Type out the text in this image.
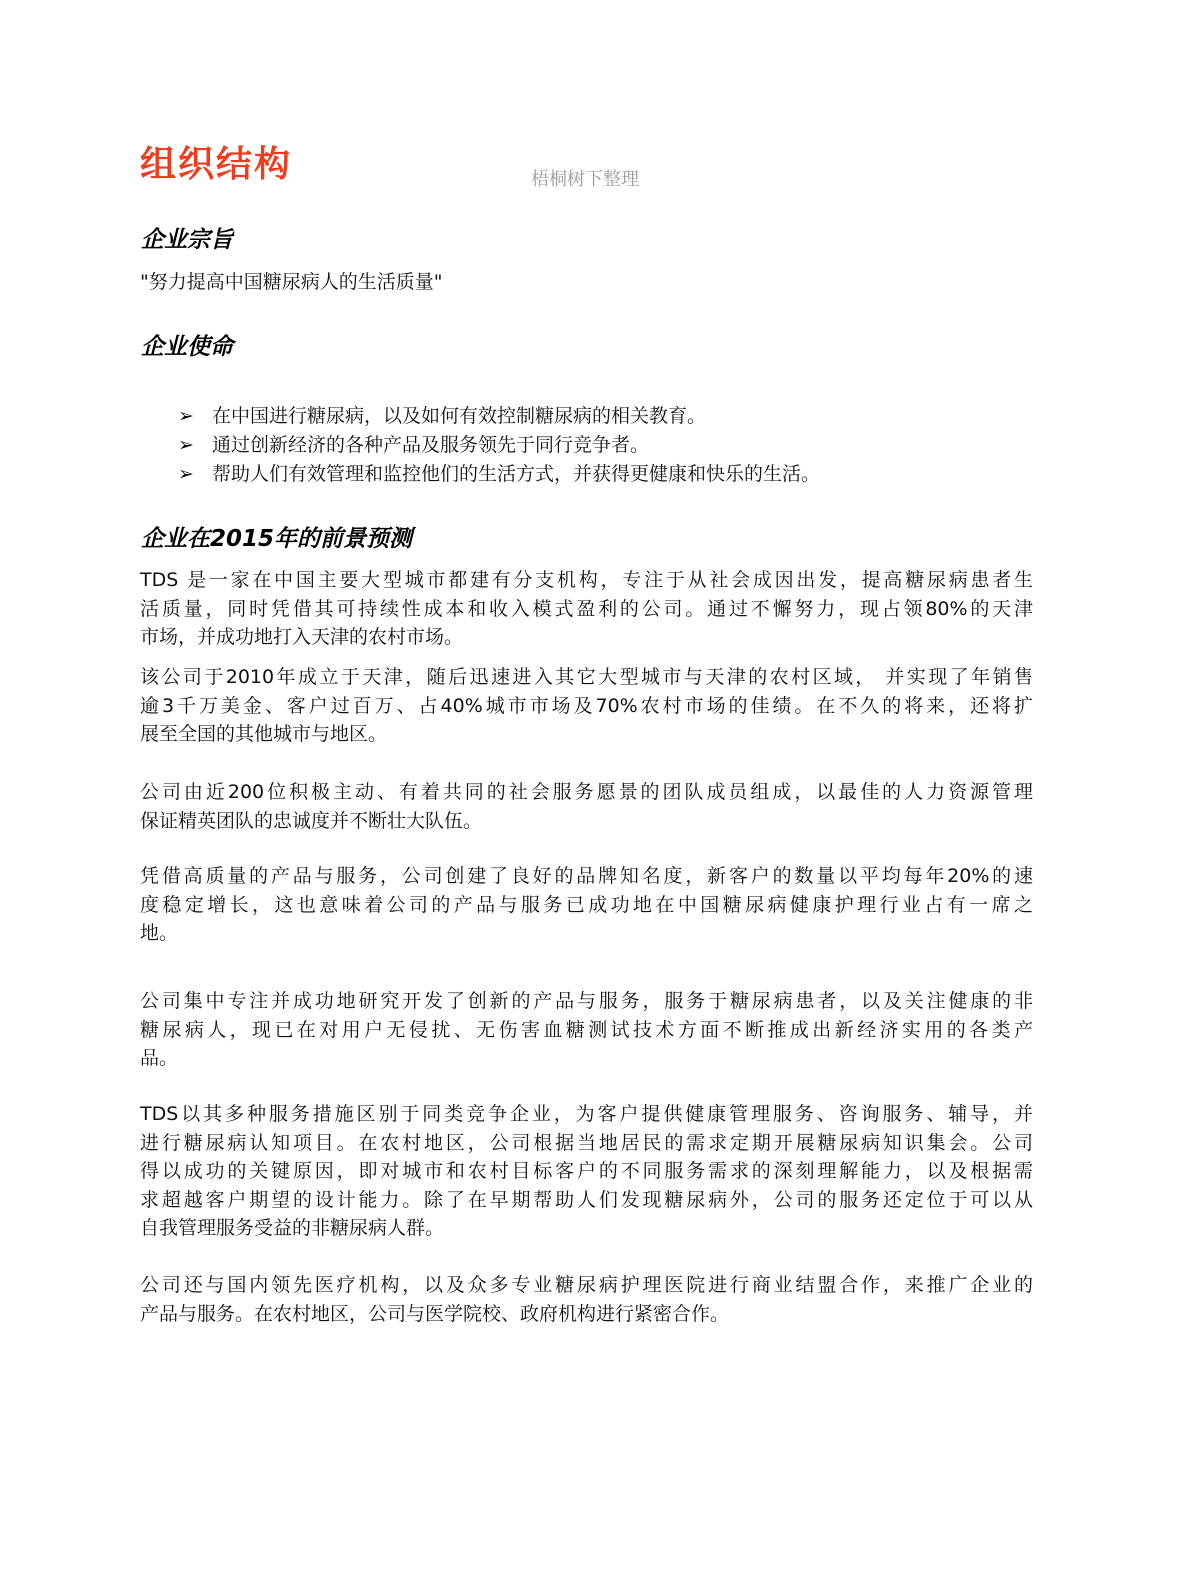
组织结构	梧桐树下整理
企业宗旨
"努力提高中国糖尿病人的生活质量"
企业使命
➢ 在中国进行糖尿病，以及如何有效控制糖尿病的相关教育。
➢ 通过创新经济的各种产品及服务领先于同行竞争者。
➢ 帮助人们有效管理和监控他们的生活方式，并获得更健康和快乐的生活。
企业在2015年的前景预测
TDS 是一家在中国主要大型城市都建有分支机构，专注于从社会成因出发，提高糖尿病患者生
活质量，同时凭借其可持续性成本和收入模式盈利的公司。通过不懈努力，现占领80%的天津
市场，并成功地打入天津的农村市场。
该公司于2010年成立于天津，随后迅速进入其它大型城市与天津的农村区域， 并实现了年销售
逾3千万美金、客户过百万、占40%城市市场及70%农村市场的佳绩。在不久的将来，还将扩
展至全国的其他城市与地区。
公司由近200位积极主动、有着共同的社会服务愿景的团队成员组成，以最佳的人力资源管理
保证精英团队的忠诚度并不断壮大队伍。
凭借高质量的产品与服务，公司创建了良好的品牌知名度，新客户的数量以平均每年20%的速
度稳定增长，这也意味着公司的产品与服务已成功地在中国糖尿病健康护理行业占有一席之
地。
公司集中专注并成功地研究开发了创新的产品与服务，服务于糖尿病患者，以及关注健康的非
糖尿病人，现已在对用户无侵扰、无伤害血糖测试技术方面不断推成出新经济实用的各类产
品。
TDS以其多种服务措施区别于同类竞争企业，为客户提供健康管理服务、咨询服务、辅导，并
进行糖尿病认知项目。在农村地区，公司根据当地居民的需求定期开展糖尿病知识集会。公司
得以成功的关键原因，即对城市和农村目标客户的不同服务需求的深刻理解能力，以及根据需
求超越客户期望的设计能力。除了在早期帮助人们发现糖尿病外，公司的服务还定位于可以从
自我管理服务受益的非糖尿病人群。
公司还与国内领先医疗机构，以及众多专业糖尿病护理医院进行商业结盟合作，来推广企业的
产品与服务。在农村地区，公司与医学院校、政府机构进行紧密合作。
